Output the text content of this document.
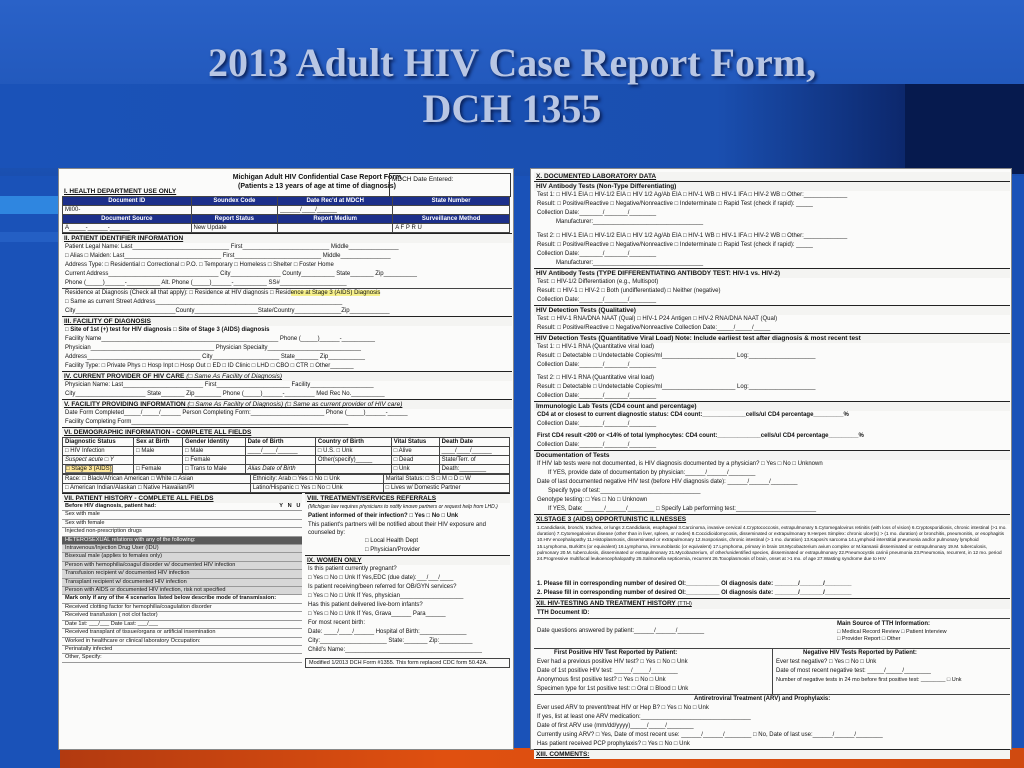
2013 Adult HIV Case Report Form,
DCH 1355
Michigan Adult HIV Confidential Case Report Form
(Patients ≥ 13 years of age at time of diagnosis)
MDCH Date Entered:
I. HEALTH DEPARTMENT USE ONLY
Document ID	Soundex Code	Date Rec'd at MDCH	State Number
MI00-		______/____/______	
Document Source	Report Status	Report Medium	Surveillance Method
A_____-______-______	New Update		A F P R U
II. PATIENT IDENTIFIER INFORMATION
Patient Legal Name: Last_____________________________ First__________________________ Middle_______________
□ Alias □ Maiden: Last_____________________________ First__________________________ Middle_______________
Address Type: □ Residential □ Correctional □ P.O. □ Temporary □ Homeless □ Shelter □ Foster Home
Current Address_________________________________ City_______________ County__________ State_______ Zip__________
Phone (_____)______-__________ Alt. Phone (_____)______-__________ SS#____________________
Residence at Diagnosis (Check all that apply): □ Residence at HIV diagnosis □ Residence at Stage 3 (AIDS) Diagnosis
□ Same as current Street Address________________________________________________________
City______________________________County___________________State/Country______________Zip____________
III. FACILITY OF DIAGNOSIS
□ Site of 1st (+) test for HIV diagnosis □ Site of Stage 3 (AIDS) diagnosis
Facility Name_____________________________________________________ Phone (_____)______-__________
Physician_____________________________________ Physician Specialty____________________________
Address__________________________________ City____________________ State_______ Zip___________
Facility Type: □ Private Phys □ Hosp Inpt □ Hosp Out □ ED □ ID Clinic □ LHD □ CBO □ CTR □ Other_______
IV. CURRENT PROVIDER OF HIV CARE (□ Same As Facility of Diagnosis)
Physician Name: Last________________________ First______________________ Facility___________________
City_____________________ State_______ Zip________ Phone (_____)______-_________ Med Rec No.__________
V. FACILITY PROVIDING INFORMATION (□ Same As Facility of Diagnosis) (□ Same as current provider of HIV care)
Date Form Completed_____/_____/______ Person Completing Form:______________________ Phone (_____)______-______
Facility Completing Form_________________________________________________________________
VI. DEMOGRAPHIC INFORMATION - COMPLETE ALL FIELDS
Diagnostic Status	Sex at Birth	Gender Identity	Date of Birth	Country of Birth	Vital Status	Death Date
□ HIV Infection	□ Male	□ Male	____/____/______	□ U.S. □ Unk	□ Alive	____/____/______
Suspect acute □ Y		□ Female		Other(specify)_____	□ Dead	State/Terr. of
□ Stage 3 (AIDS)	□ Female	□ Trans to Male	Alias Date of Birth		□ Unk	Death:________
Race: □ Black/African American □ White □ Asian	Ethnicity: Arab □ Yes □ No □ Unk	Marital Status: □ S □ M □ D □ W
□ American Indian/Alaskan □ Native Hawaiian/PI	Latino/Hispanic □ Yes □ No □ Unk	□ Lives w/ Domestic Partner
VII. PATIENT HISTORY - COMPLETE ALL FIELDS
Before HIV diagnosis, patient had:	Y N U
Sex with male
Sex with female
Injected non-prescription drugs
HETEROSEXUAL relations with any of the following:
Intravenous/Injection Drug User (IDU)
Bisexual male (applies to females only)
Person with hemophilia/coagul disorder w/ documented HIV infection
Transfusion recipient w/ documented HIV infection
Transplant recipient w/ documented HIV infection
Person with AIDS or documented HIV infection, risk not specified
Mark only if any of the 4 scenarios listed below describe mode of transmission:
Received clotting factor for hemophilia/coagulation disorder
Received transfusion ( not clot factor)
Date 1st: ___/___ Date Last: ___/___
Received transplant of tissue/organs or artificial insemination
Worked in healthcare or clinical laboratory Occupation:
Perinatally infected
Other, Specify:
VIII. TREATMENT/SERVICES REFERRALS
(Michigan law requires physicians to notify known partners or request help from LHD.)
Patient informed of their infection? □ Yes □ No □ Unk
This patient's partners will be notified about their HIV exposure and counseled by:
□ Local Health Dept
□ Physician/Provider
IX. WOMEN ONLY
Is this patient currently pregnant?
□ Yes □ No □ Unk If Yes,EDC (due date):___/___/____
Is patient receiving/been referred for OB/GYN services?
□ Yes □ No □ Unk If Yes, physician___________________
Has this patient delivered live-born infants?
□ Yes □ No □ Unk If Yes, Grava______ Para______
For most recent birth:
Date: ____/____/______ Hospital of Birth:______________
City:____________________ State:_______ Zip:__________
Child's Name:_________________________________________
Modified 1/2013 DCH Form #1355. This form replaced CDC form 50.42A.
X. DOCUMENTED LABORATORY DATA
HIV Antibody Tests (Non-Type Differentiating)
Test 1: □ HIV-1 EIA □ HIV-1/2 EIA □ HIV 1/2 Ag/Ab EIA □ HIV-1 WB □ HIV-1 IFA □ HIV-2 WB □ Other:_____________
Result: □ Positive/Reactive □ Negative/Nonreactive □ Indeterminate □ Rapid Test (check if rapid): _____
Collection Date:_______/_______/________
Manufacturer:_________________________________
Test 2: □ HIV-1 EIA □ HIV-1/2 EIA □ HIV 1/2 Ag/Ab EIA □ HIV-1 WB □ HIV-1 IFA □ HIV-2 WB □ Other:_____________
Result: □ Positive/Reactive □ Negative/Nonreactive □ Indeterminate □ Rapid Test (check if rapid): _____
Collection Date:_______/_______/________
Manufacturer:_________________________________
HIV Antibody Tests (TYPE DIFFERENTIATING ANTIBODY TEST: HIV-1 vs. HIV-2)
Test: □ HIV-1/2 Differentiation (e.g., Multispot)
Result: □ HIV-1 □ HIV-2 □ Both (undifferentiated) □ Neither (negative)
Collection Date:_______/_______/________
HIV Detection Tests (Qualitative)
Test: □ HIV-1 RNA/DNA NAAT (Qual) □ HIV-1 P24 Antigen □ HIV-2 RNA/DNA NAAT (Qual)
Result: □ Positive/Reactive □ Negative/Nonreactive Collection Date:_____/_____/_____
HIV Detection Tests (Quantitative Viral Load) Note: Include earliest test after diagnosis & most recent test
Test 1: □ HIV-1 RNA (Quantitative viral load)
Result: □ Detectable □ Undetectable Copies/ml______________________ Log:____________________
Collection Date:_______/_______/________
Test 2: □ HIV-1 RNA (Quantitative viral load)
Result: □ Detectable □ Undetectable Copies/ml______________________ Log:____________________
Collection Date:_______/_______/________
Immunologic Lab Tests (CD4 count and percentage)
CD4 at or closest to current diagnostic status: CD4 count:_____________cells/ul CD4 percentage_________%
Collection Date:_______/_______/________
First CD4 result <200 or <14% of total lymphocytes: CD4 count:_____________cells/ul CD4 percentage_________%
Collection Date:_______/_______/________
Documentation of Tests
If HIV lab tests were not documented, is HIV diagnosis documented by a physician? □ Yes □ No □ Unknown
If YES, provide date of documentation by physician:______/______/________
Date of last documented negative HIV test (before HIV diagnosis date): ______/______/________
Specify type of test:______________________________
Genotype testing: □ Yes □ No □ Unknown
If YES, Date: ______/______/________ □ Specify Lab performing test:________________________
XI.STAGE 3 (AIDS) OPPORTUNISTIC ILLNESSES
1.Candidiasis, bronchi, trachea, or lungs 2.Candidiasis, esophageal 3.Carcinoma, invasive cervical 4.Cryptococcosis, extrapulmonary 5.Cytomegalovirus retinitis (with loss of vision) 6.Cryptosporidiosis, chronic intestinal (>1 mo. duration) 7.Cytomegalovirus disease (other than in liver, spleen, or nodes) 8.Coccidioidomycosis, disseminated or extrapulmonary 9.Herpes Simplex: chronic ulcer(s) > (1 mo. duration) or bronchitis, pneumonitis, or esophagitis 10.HIV encephalopathy 11.Histoplasmosis, disseminated or extrapulmonary 12.Isosporiasis, chronic intestinal (> 1 mo. duration) 13.Kaposi's sarcoma 14.Lymphoid interstitial pneumonia and/or pulmonary lymphoid 15.Lymphoma, Burkitt's (or equivalent) 16.Lymphoma, immunoblastic (or equivalent) 17.Lymphoma, primary in brain 18.Mycobacterium avium complex or M.kansasii disseminated or extrapulmonary 19.M. tuberculosis, pulmonary 20.M. tuberculosis, disseminated or extrapulmonary 21.Mycobacterium, of other/unidentified species, disseminated or extrapulmonary 22.Pneumocystis carinii pneumonia 23.Pneumonia, recurrent, in 12 mo. period 24.Progressive multifocal leukoencephalopathy 25.Salmonella septicemia, recurrent 26.Toxoplasmosis of brain, onset at >1 mo. of age 27.Wasting syndrome due to HIV
1. Please fill in corresponding number of desired OI:__________ OI diagnosis date: _______/_______/________
2. Please fill in corresponding number of desired OI:__________ OI diagnosis date: _______/_______/________
XII. HIV-TESTING AND TREATMENT HISTORY (TTH)
TTH Document ID:
Date questions answered by patient:______/______/________
Main Source of TTH Information:
□ Medical Record Review □ Patient Interview
□ Provider Report □ Other
First Positive HIV Test Reported by Patient:
Ever had a previous positive HIV test? □ Yes □ No □ Unk
Date of 1st positive HIV test: _____/_____/________
Anonymous first positive test? □ Yes □ No □ Unk
Specimen type for 1st positive test: □ Oral □ Blood □ Unk
Negative HIV Tests Reported by Patient:
Ever test negative? □ Yes □ No □ Unk
Date of most recent negative test: _____/_____/________
Number of negative tests in 24 mo before first positive test: ________ □ Unk
Antiretroviral Treatment (ARV) and Prophylaxis:
Ever used ARV to prevent/treat HIV or Hep B? □ Yes □ No □ Unk
If yes, list at least one ARV medication:_________________________________
Date of first ARV use (mm/dd/yyyy)_____/_____/________
Currently using ARV? □ Yes, Date of most recent use: ______/______/________ □ No, Date of last use:______/______/________
Has patient received PCP prophylaxis? □ Yes □ No □ Unk
XIII. COMMENTS:
